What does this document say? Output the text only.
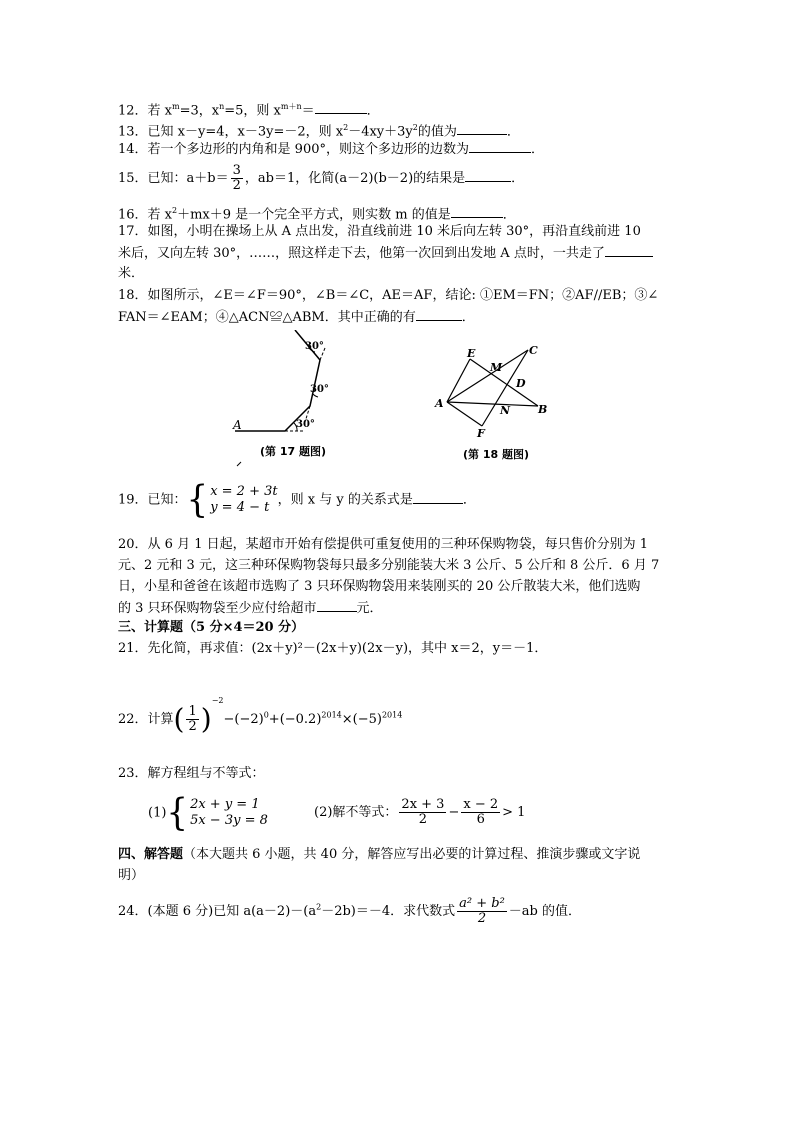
12．若 $x^m=3$，$x^n=5$，则 $x^{m+n}=$	．
13．已知 x－y=4，x－3y=－2，则 $x^2-4xy+3y^2$的值为	．
14．若一个多边形的内角和是 900°，则这个多边形的边数为	．
15．已知：$a+b= \frac{3}{2}$ ，ab＝1，化简(a－2)(b－2)的结果是	．
16．若 $x^2+mx+9$ 是一个完全平方式，则实数 m 的值是	．
17．如图，小明在操场上从 A 点出发，沿直线前进 10 米后向左转 30°，再沿直线前进 10
米后，又向左转 30°，……，照这样走下去，他第一次回到出发地 A 点时，一共走了
米．
18．如图所示，∠E＝∠F＝90°，∠B＝∠C，AE＝AF，结论: ①EM＝FN；②AF//EB；③∠
FAN＝∠EAM；④△ACN≌△ABM．其中正确的有	．
30°
30°
30°
A
(第 17 题图)
E
M
C
D
A
N	B
F
(第 18 题图)
19．已知：{ x = 2 + 3t
y = 4 − t ，则 x 与 y 的关系式是	．
20．从 6 月 1 日起，某超市开始有偿提供可重复使用的三种环保购物袋，每只售价分别为 1
元、2 元和 3 元，这三种环保购物袋每只最多分别能装大米 3 公斤、5 公斤和 8 公斤．6 月 7
日，小星和爸爸在该超市选购了 3 只环保购物袋用来装刚买的 20 公斤散装大米，他们选购
的 3 只环保购物袋至少应付给超市	元．
三、计算题（5 分×4＝20 分）
21．先化简，再求值：(2x＋y)²－(2x＋y)(2x－y)，其中 x＝2，y＝－1．
22．计算( $\frac{1}{2} )^{-2}-(-2)^0+(-0.2)^{2014}\times(-5)^{2014}$
23．解方程组与不等式：
(1){ 2x + y = 1
5x − 3y = 8
(2)解不等式： $\frac{2x + 3}{2} - \frac{x - 2}{6} > 1$
四、解答题（本大题共 6 小题，共 40 分，解答应写出必要的计算过程、推演步骤或文字说
明）
24．(本题 6 分)已知 $a(a-2)-(a^2-2b)=-4$．求代数式 $\frac{\text{a² + b²}}{2} -ab$ 的值．
